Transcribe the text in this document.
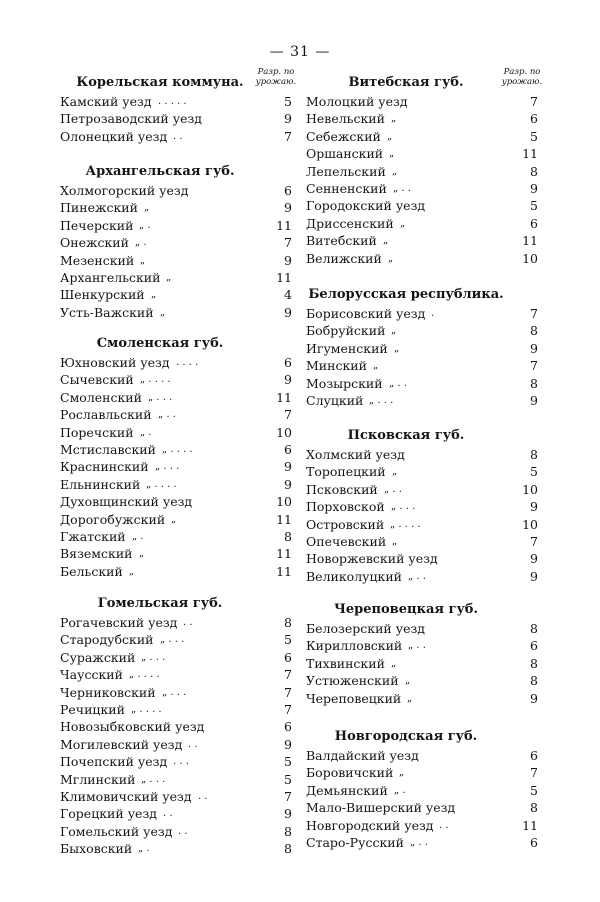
— 31 —
Корельская коммуна.
Разр. по урожаю.
Камский уезд . . . . .	5
Петрозаводский уезд	9
Олонецкий уезд . .	7
Архангельская губ.
Холмогорский уезд	6
Пинежский „	9
Печерский „ .	11
Онежский „ .	7
Мезенский „	9
Архангельский „	11
Шенкурский „	4
Усть-Важский „	9
Смоленская губ.
Юхновский уезд . . . .	6
Сычевский „ . . . .	9
Смоленский „ . . .	11
Рославльский „ . .	7
Поречский „ .	10
Мстиславский „ . . . .	6
Краснинский „ . . .	9
Ельнинский „ . . . .	9
Духовщинский уезд	10
Дорогобужский „	11
Гжатский „ .	8
Вяземский „	11
Бельский „	11
Гомельская губ.
Рогачевский уезд . .	8
Стародубский „ . . .	5
Суражский „ . . .	6
Чаусский „ . . . .	7
Черниковский „ . . .	7
Речицкий „ . . . .	7
Новозыбковский уезд	6
Могилевский уезд . .	9
Почепский уезд . . .	5
Мглинский „ . . .	5
Климовичский уезд . .	7
Горецкий уезд . .	9
Гомельский уезд . .	8
Быховский „ .	8
Витебская губ.
Разр. по урожаю.
Молоцкий уезд	7
Невельский „	6
Себежский „	5
Оршанский „	11
Лепельский „	8
Сенненский „ . .	9
Городокский уезд	5
Дриссенский „	6
Витебский „	11
Велижский „	10
Белорусская республика.
Борисовский уезд .	7
Бобруйский „	8
Игуменский „	9
Минский „	7
Мозырский „ . .	8
Слуцкий „ . . .	9
Псковская губ.
Холмский уезд	8
Торопецкий „	5
Псковский „ . .	10
Порховской „ . . .	9
Островский „ . . . .	10
Опечевский „	7
Новоржевский уезд	9
Великолуцкий „ . .	9
Череповецкая губ.
Белозерский уезд	8
Кирилловский „ . .	6
Тихвинский „	8
Устюженский „	8
Череповецкий „	9
Новгородская губ.
Валдайский уезд	6
Боровичский „	7
Демьянский „ .	5
Мало-Вишерский уезд	8
Новгородский уезд . .	11
Старо-Русский „ . .	6
